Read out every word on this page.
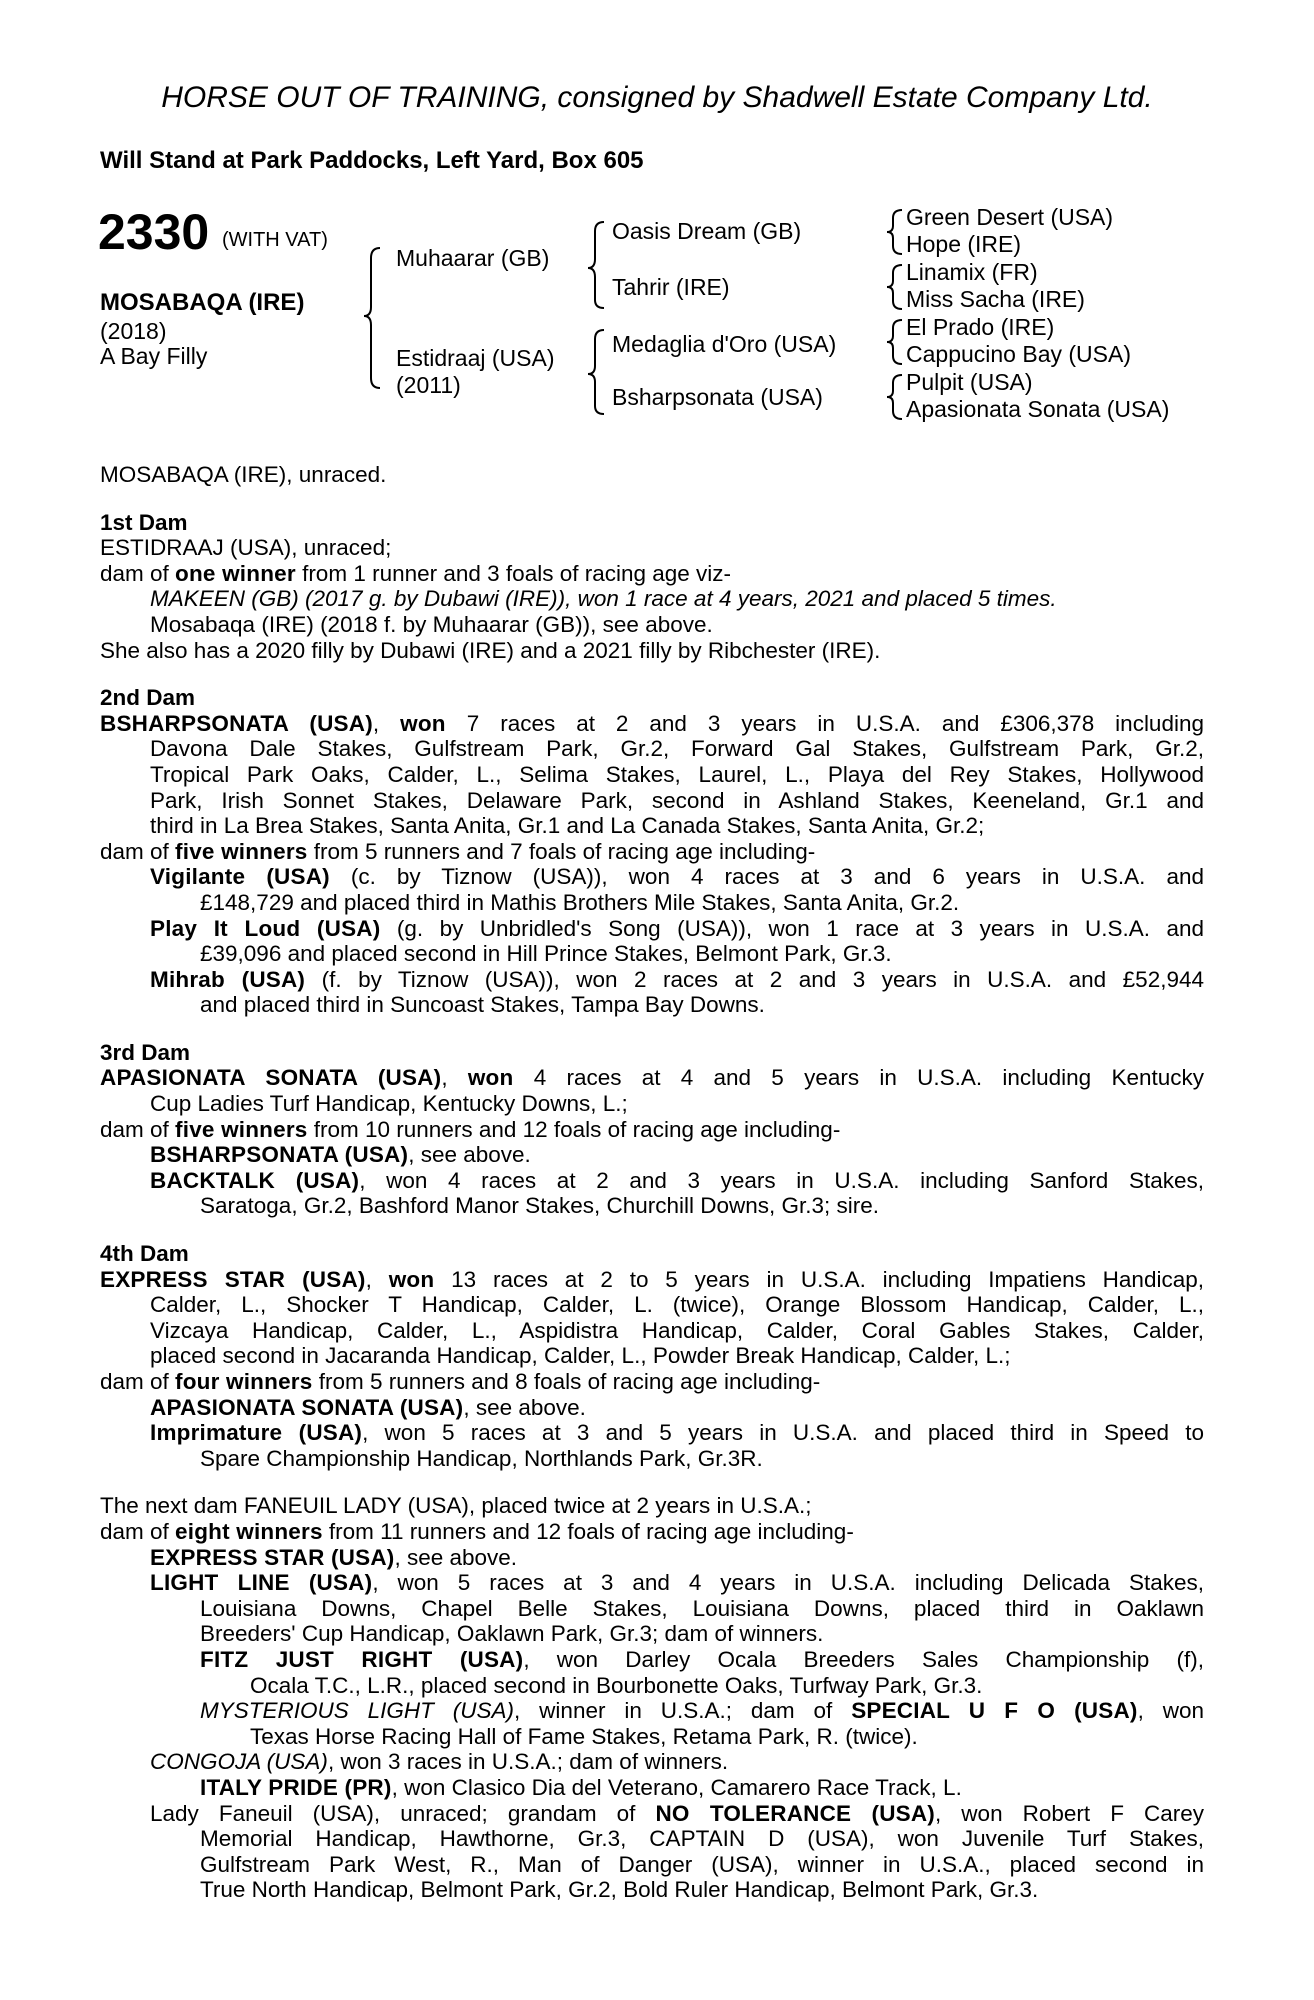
HORSE OUT OF TRAINING, consigned by Shadwell Estate Company Ltd.
Will Stand at Park Paddocks, Left Yard, Box 605
2330 (WITH VAT)
MOSABAQA (IRE)
(2018)
A Bay Filly
Muhaarar (GB)
Estidraaj (USA)
(2011)
Oasis Dream (GB)
Tahrir (IRE)
Medaglia d'Oro (USA)
Bsharpsonata (USA)
Green Desert (USA)
Hope (IRE)
Linamix (FR)
Miss Sacha (IRE)
El Prado (IRE)
Cappucino Bay (USA)
Pulpit (USA)
Apasionata Sonata (USA)
MOSABAQA (IRE), unraced.
1st Dam
ESTIDRAAJ (USA), unraced;
dam of one winner from 1 runner and 3 foals of racing age viz-
MAKEEN (GB) (2017 g. by Dubawi (IRE)), won 1 race at 4 years, 2021 and placed 5 times.
Mosabaqa (IRE) (2018 f. by Muhaarar (GB)), see above.
She also has a 2020 filly by Dubawi (IRE) and a 2021 filly by Ribchester (IRE).
2nd Dam
BSHARPSONATA (USA), won 7 races at 2 and 3 years in U.S.A. and £306,378 including
Davona Dale Stakes, Gulfstream Park, Gr.2, Forward Gal Stakes, Gulfstream Park, Gr.2,
Tropical Park Oaks, Calder, L., Selima Stakes, Laurel, L., Playa del Rey Stakes, Hollywood
Park, Irish Sonnet Stakes, Delaware Park, second in Ashland Stakes, Keeneland, Gr.1 and
third in La Brea Stakes, Santa Anita, Gr.1 and La Canada Stakes, Santa Anita, Gr.2;
dam of five winners from 5 runners and 7 foals of racing age including-
Vigilante (USA) (c. by Tiznow (USA)), won 4 races at 3 and 6 years in U.S.A. and
£148,729 and placed third in Mathis Brothers Mile Stakes, Santa Anita, Gr.2.
Play It Loud (USA) (g. by Unbridled's Song (USA)), won 1 race at 3 years in U.S.A. and
£39,096 and placed second in Hill Prince Stakes, Belmont Park, Gr.3.
Mihrab (USA) (f. by Tiznow (USA)), won 2 races at 2 and 3 years in U.S.A. and £52,944
and placed third in Suncoast Stakes, Tampa Bay Downs.
3rd Dam
APASIONATA SONATA (USA), won 4 races at 4 and 5 years in U.S.A. including Kentucky
Cup Ladies Turf Handicap, Kentucky Downs, L.;
dam of five winners from 10 runners and 12 foals of racing age including-
BSHARPSONATA (USA), see above.
BACKTALK (USA), won 4 races at 2 and 3 years in U.S.A. including Sanford Stakes,
Saratoga, Gr.2, Bashford Manor Stakes, Churchill Downs, Gr.3; sire.
4th Dam
EXPRESS STAR (USA), won 13 races at 2 to 5 years in U.S.A. including Impatiens Handicap,
Calder, L., Shocker T Handicap, Calder, L. (twice), Orange Blossom Handicap, Calder, L.,
Vizcaya Handicap, Calder, L., Aspidistra Handicap, Calder, Coral Gables Stakes, Calder,
placed second in Jacaranda Handicap, Calder, L., Powder Break Handicap, Calder, L.;
dam of four winners from 5 runners and 8 foals of racing age including-
APASIONATA SONATA (USA), see above.
Imprimature (USA), won 5 races at 3 and 5 years in U.S.A. and placed third in Speed to
Spare Championship Handicap, Northlands Park, Gr.3R.
The next dam FANEUIL LADY (USA), placed twice at 2 years in U.S.A.;
dam of eight winners from 11 runners and 12 foals of racing age including-
EXPRESS STAR (USA), see above.
LIGHT LINE (USA), won 5 races at 3 and 4 years in U.S.A. including Delicada Stakes,
Louisiana Downs, Chapel Belle Stakes, Louisiana Downs, placed third in Oaklawn
Breeders' Cup Handicap, Oaklawn Park, Gr.3; dam of winners.
FITZ JUST RIGHT (USA), won Darley Ocala Breeders Sales Championship (f),
Ocala T.C., L.R., placed second in Bourbonette Oaks, Turfway Park, Gr.3.
MYSTERIOUS LIGHT (USA), winner in U.S.A.; dam of SPECIAL U F O (USA), won
Texas Horse Racing Hall of Fame Stakes, Retama Park, R. (twice).
CONGOJA (USA), won 3 races in U.S.A.; dam of winners.
ITALY PRIDE (PR), won Clasico Dia del Veterano, Camarero Race Track, L.
Lady Faneuil (USA), unraced; grandam of NO TOLERANCE (USA), won Robert F Carey
Memorial Handicap, Hawthorne, Gr.3, CAPTAIN D (USA), won Juvenile Turf Stakes,
Gulfstream Park West, R., Man of Danger (USA), winner in U.S.A., placed second in
True North Handicap, Belmont Park, Gr.2, Bold Ruler Handicap, Belmont Park, Gr.3.
